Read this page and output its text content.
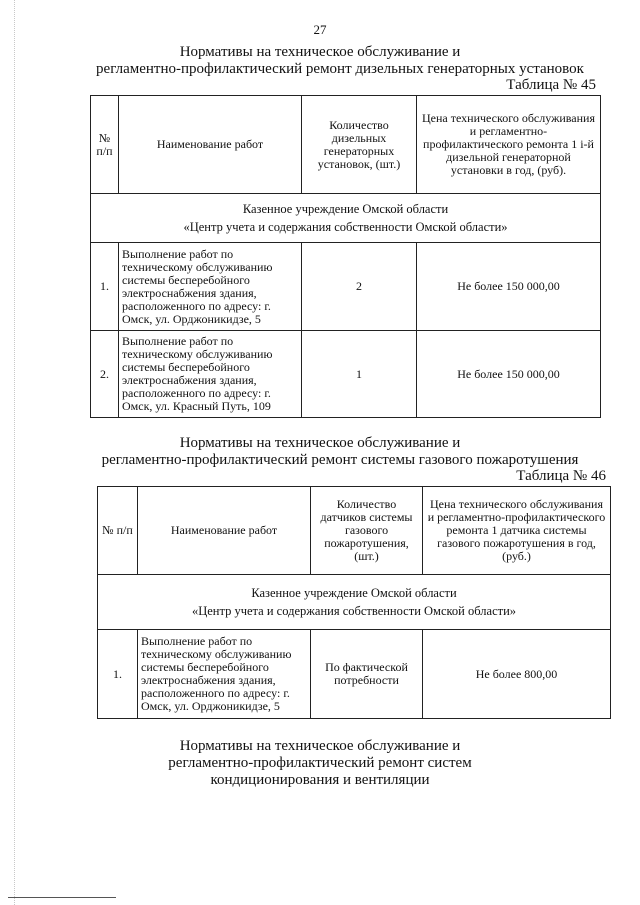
27
Нормативы на техническое обслуживание и
регламентно-профилактический ремонт дизельных генераторных установок
Таблица № 45
№ п/п	Наименование работ	Количество дизельных генераторных установок, (шт.)	Цена технического обслуживания и регламентно-профилактического ремонта 1 і-й дизельной генераторной установки в год, (руб).

Казенное учреждение Омской области
«Центр учета и содержания собственности Омской области»			

1.	Выполнение работ по техническому обслуживанию системы бесперебойного электроснабжения здания, расположенного по адресу: г. Омск, ул. Орджоникидзе, 5	2	Не более 150 000,00
2.	Выполнение работ по техническому обслуживанию системы бесперебойного электроснабжения здания, расположенного по адресу: г. Омск, ул. Красный Путь, 109	1	Не более 150 000,00
Нормативы на техническое обслуживание и
регламентно-профилактический ремонт системы газового пожаротушения
Таблица № 46
№ п/п	Наименование работ	Количество датчиков системы газового пожаротушения, (шт.)	Цена технического обслуживания и регламентно-профилактического ремонта 1 датчика системы газового пожаротушения в год, (руб.)

Казенное учреждение Омской области
«Центр учета и содержания собственности Омской области»			

1.	Выполнение работ по техническому обслуживанию системы бесперебойного электроснабжения здания, расположенного по адресу: г. Омск, ул. Орджоникидзе, 5	По фактической потребности	Не более 800,00
Нормативы на техническое обслуживание и
регламентно-профилактический ремонт систем
кондиционирования и вентиляции
